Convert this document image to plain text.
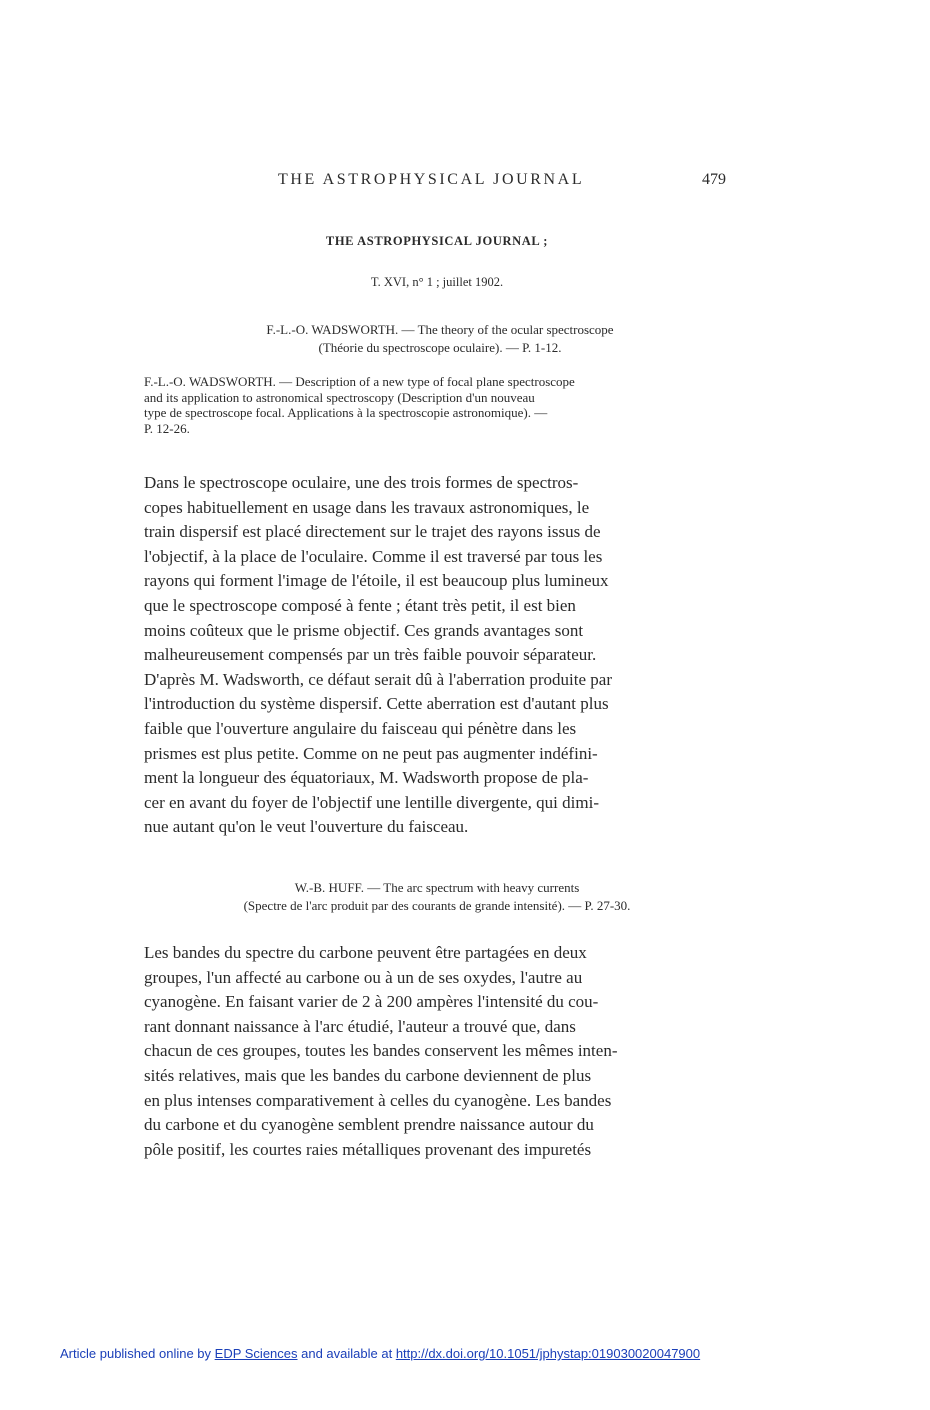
THE ASTROPHYSICAL JOURNAL	479
THE ASTROPHYSICAL JOURNAL ;
T. XVI, n° 1 ; juillet 1902.
F.-L.-O. WADSWORTH. — The theory of the ocular spectroscope
(Théorie du spectroscope oculaire). — P. 1-12.
F.-L.-O. WADSWORTH. — Description of a new type of focal plane spectroscope
and its application to astronomical spectroscopy (Description d'un nouveau
type de spectroscope focal. Applications à la spectroscopie astronomique). —
P. 12-26.
Dans le spectroscope oculaire, une des trois formes de spectros-
copes habituellement en usage dans les travaux astronomiques, le
train dispersif est placé directement sur le trajet des rayons issus de
l'objectif, à la place de l'oculaire. Comme il est traversé par tous les
rayons qui forment l'image de l'étoile, il est beaucoup plus lumineux
que le spectroscope composé à fente ; étant très petit, il est bien
moins coûteux que le prisme objectif. Ces grands avantages sont
malheureusement compensés par un très faible pouvoir séparateur.
D'après M. Wadsworth, ce défaut serait dû à l'aberration produite par
l'introduction du système dispersif. Cette aberration est d'autant plus
faible que l'ouverture angulaire du faisceau qui pénètre dans les
prismes est plus petite. Comme on ne peut pas augmenter indéfini-
ment la longueur des équatoriaux, M. Wadsworth propose de pla-
cer en avant du foyer de l'objectif une lentille divergente, qui dimi-
nue autant qu'on le veut l'ouverture du faisceau.
W.-B. HUFF. — The arc spectrum with heavy currents
(Spectre de l'arc produit par des courants de grande intensité). — P. 27-30.
Les bandes du spectre du carbone peuvent être partagées en deux
groupes, l'un affecté au carbone ou à un de ses oxydes, l'autre au
cyanogène. En faisant varier de 2 à 200 ampères l'intensité du cou-
rant donnant naissance à l'arc étudié, l'auteur a trouvé que, dans
chacun de ces groupes, toutes les bandes conservent les mêmes inten-
sités relatives, mais que les bandes du carbone deviennent de plus
en plus intenses comparativement à celles du cyanogène. Les bandes
du carbone et du cyanogène semblent prendre naissance autour du
pôle positif, les courtes raies métalliques provenant des impuretés
Article published online by EDP Sciences and available at http://dx.doi.org/10.1051/jphystap:019030020047900
